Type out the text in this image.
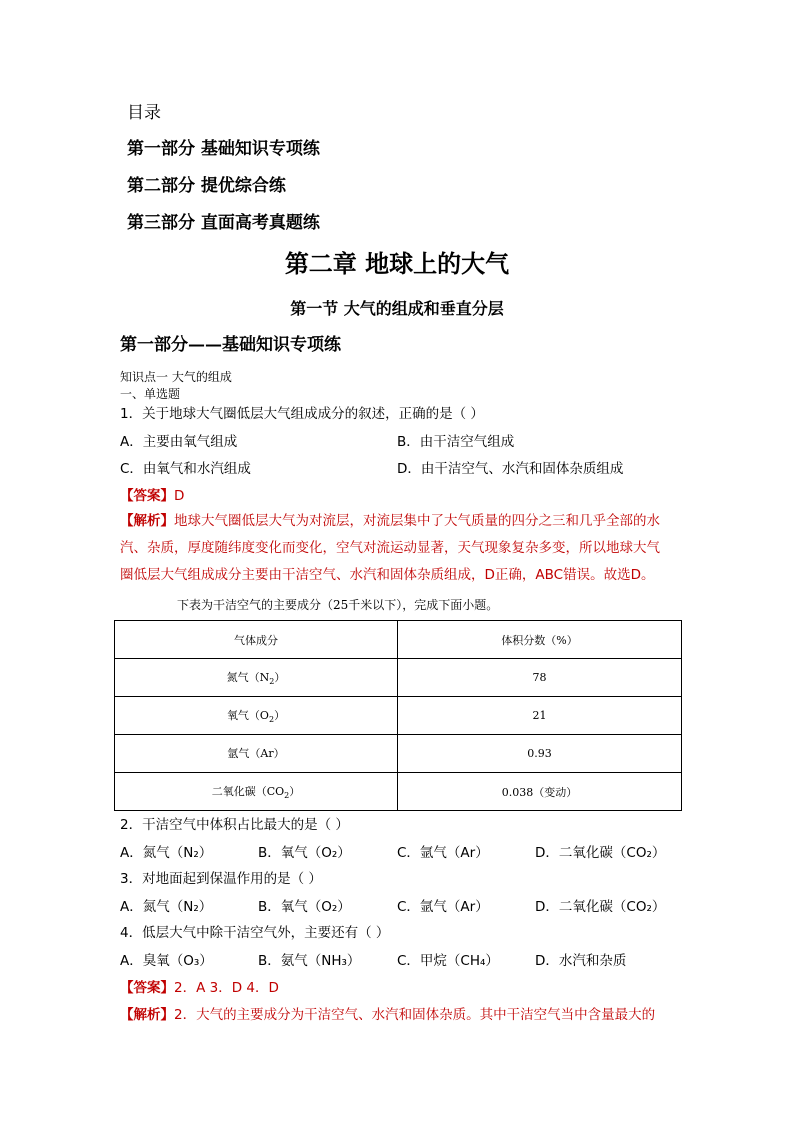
目录
第一部分 基础知识专项练
第二部分 提优综合练
第三部分 直面高考真题练
第二章 地球上的大气
第一节 大气的组成和垂直分层
第一部分——基础知识专项练
知识点一 大气的组成
一、单选题
1．关于地球大气圈低层大气组成成分的叙述，正确的是（ ）
A．主要由氧气组成	B．由干洁空气组成
C．由氧气和水汽组成	D．由干洁空气、水汽和固体杂质组成
【答案】D
【解析】地球大气圈低层大气为对流层，对流层集中了大气质量的四分之三和几乎全部的水
汽、杂质，厚度随纬度变化而变化，空气对流运动显著，天气现象复杂多变，所以地球大气
圈低层大气组成成分主要由干洁空气、水汽和固体杂质组成，D正确，ABC错误。故选D。
下表为干洁空气的主要成分（25千米以下），完成下面小题。
气体成分	体积分数（%）
氮气$(N_2)$	78
氧气$(O_2)$	21
氩气（Ar）	0.93
二氧化碳$(CO_2)$	0.038（变动）
2．干洁空气中体积占比最大的是（ ）
A．氮气（N₂）	B．氧气（O₂）	C．氩气（Ar）	D．二氧化碳（CO₂）
3．对地面起到保温作用的是（ ）
A．氮气（N₂）	B．氧气（O₂）	C．氩气（Ar）	D．二氧化碳（CO₂）
4．低层大气中除干洁空气外，主要还有（ ）
A．臭氧（O₃）	B．氨气（NH₃）	C．甲烷（CH₄）	D．水汽和杂质
【答案】2．A 3．D 4．D
【解析】2．大气的主要成分为干洁空气、水汽和固体杂质。其中干洁空气当中含量最大的
